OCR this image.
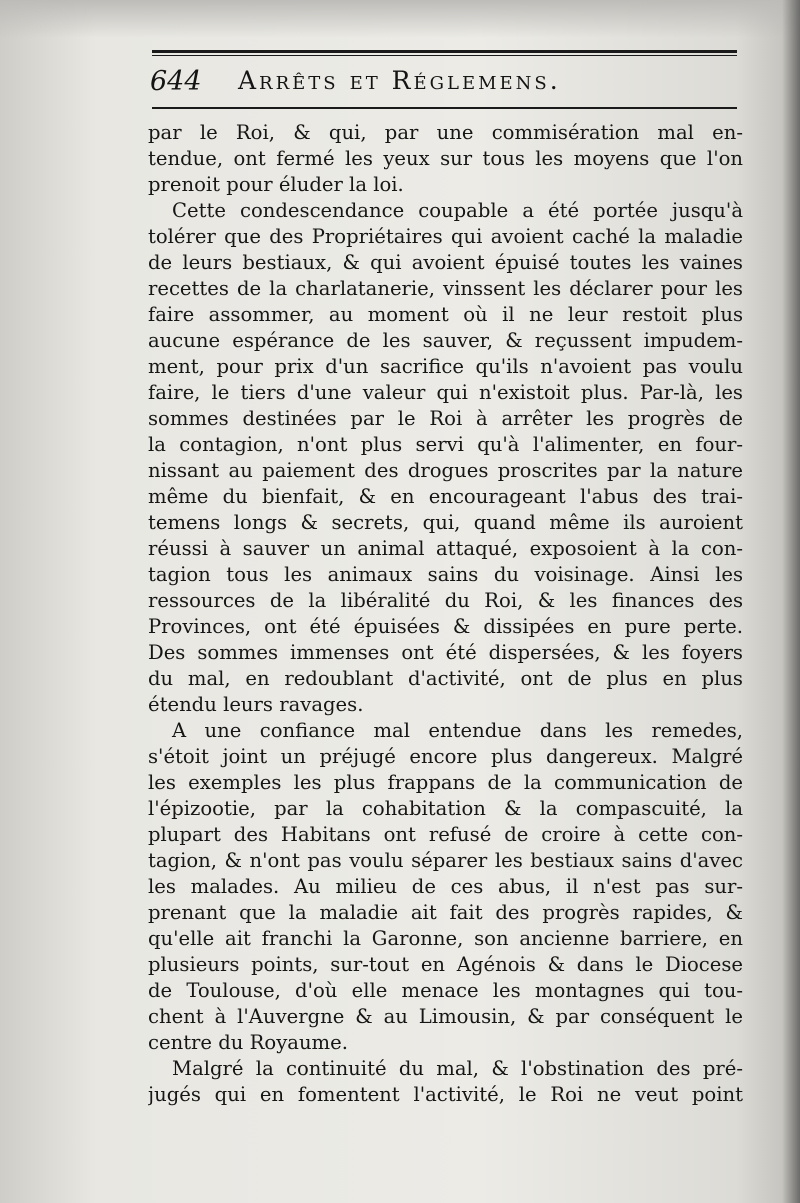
644 Arrêts et Réglemens.
par le Roi, & qui, par une commisération mal en-
tendue, ont fermé les yeux sur tous les moyens que l'on
prenoit pour éluder la loi.
Cette condescendance coupable a été portée jusqu'à
tolérer que des Propriétaires qui avoient caché la maladie
de leurs bestiaux, & qui avoient épuisé toutes les vaines
recettes de la charlatanerie, vinssent les déclarer pour les
faire assommer, au moment où il ne leur restoit plus
aucune espérance de les sauver, & reçussent impudem-
ment, pour prix d'un sacrifice qu'ils n'avoient pas voulu
faire, le tiers d'une valeur qui n'existoit plus. Par-là, les
sommes destinées par le Roi à arrêter les progrès de
la contagion, n'ont plus servi qu'à l'alimenter, en four-
nissant au paiement des drogues proscrites par la nature
même du bienfait, & en encourageant l'abus des trai-
temens longs & secrets, qui, quand même ils auroient
réussi à sauver un animal attaqué, exposoient à la con-
tagion tous les animaux sains du voisinage. Ainsi les
ressources de la libéralité du Roi, & les finances des
Provinces, ont été épuisées & dissipées en pure perte.
Des sommes immenses ont été dispersées, & les foyers
du mal, en redoublant d'activité, ont de plus en plus
étendu leurs ravages.
A une confiance mal entendue dans les remedes,
s'étoit joint un préjugé encore plus dangereux. Malgré
les exemples les plus frappans de la communication de
l'épizootie, par la cohabitation & la compascuité, la
plupart des Habitans ont refusé de croire à cette con-
tagion, & n'ont pas voulu séparer les bestiaux sains d'avec
les malades. Au milieu de ces abus, il n'est pas sur-
prenant que la maladie ait fait des progrès rapides, &
qu'elle ait franchi la Garonne, son ancienne barriere, en
plusieurs points, sur-tout en Agénois & dans le Diocese
de Toulouse, d'où elle menace les montagnes qui tou-
chent à l'Auvergne & au Limousin, & par conséquent le
centre du Royaume.
Malgré la continuité du mal, & l'obstination des pré-
jugés qui en fomentent l'activité, le Roi ne veut point
